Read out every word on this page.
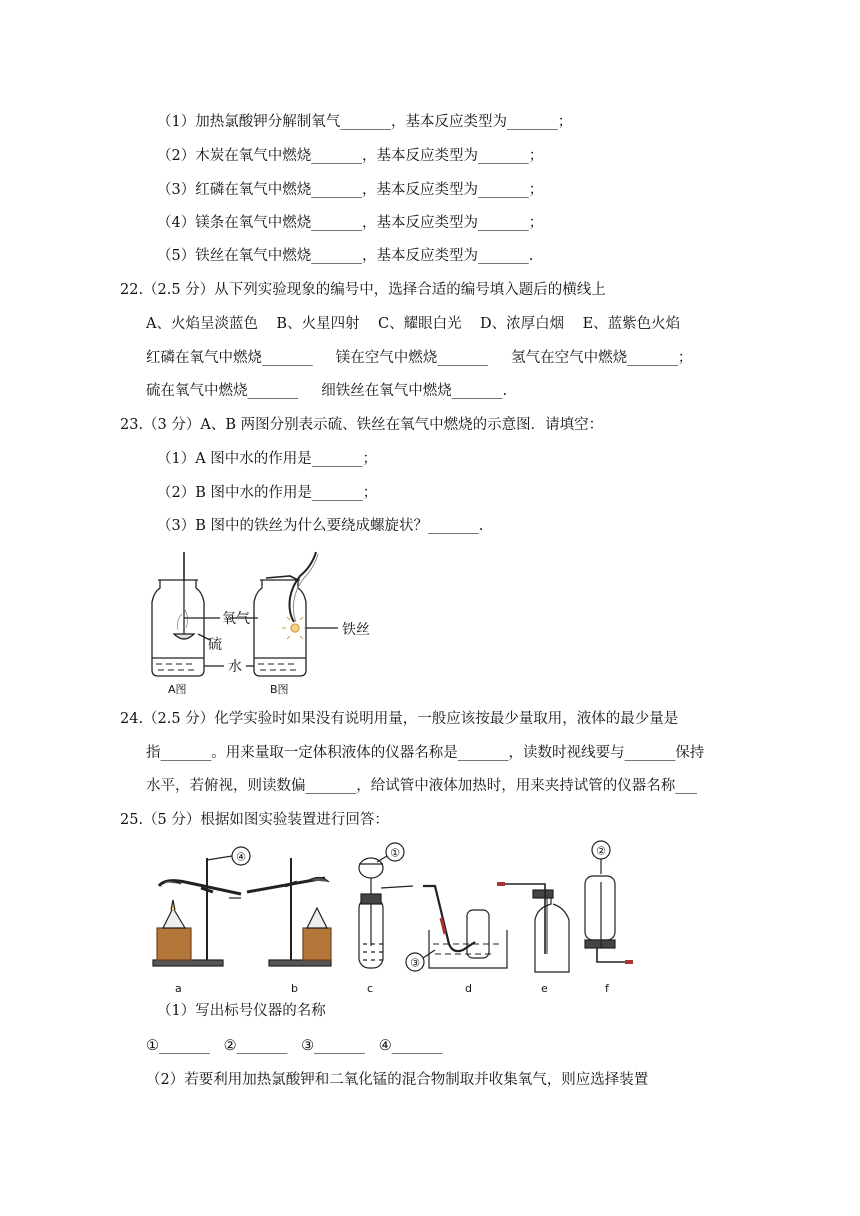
（1）加热氯酸钾分解制氧气_______，基本反应类型为_______；
（2）木炭在氧气中燃烧_______，基本反应类型为_______；
（3）红磷在氧气中燃烧_______，基本反应类型为_______；
（4）镁条在氧气中燃烧_______，基本反应类型为_______；
（5）铁丝在氧气中燃烧_______，基本反应类型为_______.
22.（2.5 分）从下列实验现象的编号中，选择合适的编号填入题后的横线上
A、火焰呈淡蓝色    B、火星四射    C、耀眼白光    D、浓厚白烟    E、蓝紫色火焰
红磷在氧气中燃烧_______     镁在空气中燃烧_______     氢气在空气中燃烧_______；
硫在氧气中燃烧_______     细铁丝在氧气中燃烧_______.
23.（3 分）A、B 两图分别表示硫、铁丝在氧气中燃烧的示意图．请填空：
（1）A 图中水的作用是_______；
（2）B 图中水的作用是_______；
（3）B 图中的铁丝为什么要绕成螺旋状？_______.
氧气
硫
水
铁丝
A图	B图
24.（2.5 分）化学实验时如果没有说明用量，一般应该按最少量取用，液体的最少量是
指_______。用来量取一定体积液体的仪器名称是_______，读数时视线要与_______保持
水平，若俯视，则读数偏_______，给试管中液体加热时，用来夹持试管的仪器名称___
25.（5 分）根据如图实验装置进行回答：
④	①
③
②
a	b	c	d	e	f
（1）写出标号仪器的名称
①_______   ②_______   ③_______   ④_______
（2）若要利用加热氯酸钾和二氧化锰的混合物制取并收集氧气，则应选择装置
